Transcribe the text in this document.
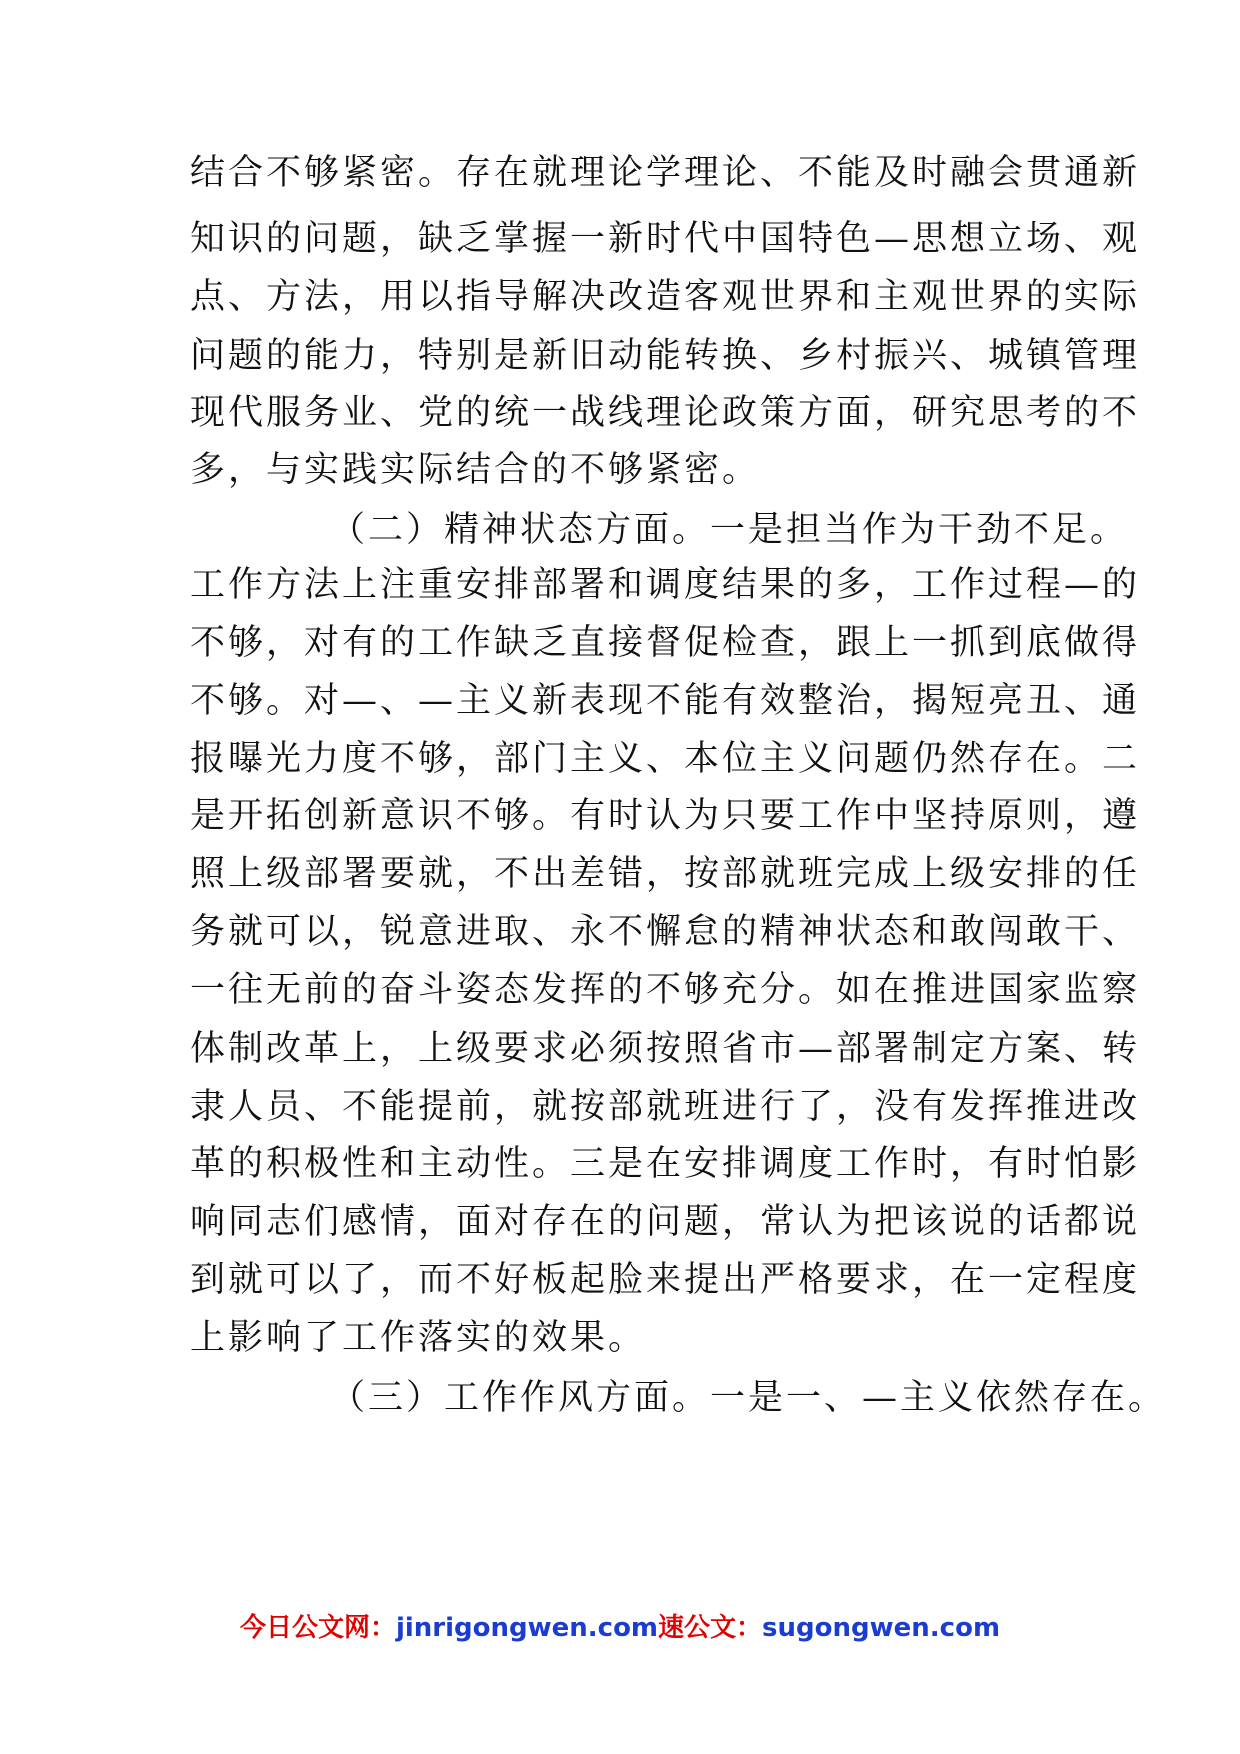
结合不够紧密。存在就理论学理论、不能及时融会贯通新
知识的问题，缺乏掌握一新时代中国特色—思想立场、观
点、方法，用以指导解决改造客观世界和主观世界的实际
问题的能力，特别是新旧动能转换、乡村振兴、城镇管理
现代服务业、党的统一战线理论政策方面，研究思考的不
多，与实践实际结合的不够紧密。
（二）精神状态方面。一是担当作为干劲不足。
工作方法上注重安排部署和调度结果的多，工作过程—的
不够，对有的工作缺乏直接督促检查，跟上一抓到底做得
不够。对—、—主义新表现不能有效整治，揭短亮丑、通
报曝光力度不够，部门主义、本位主义问题仍然存在。二
是开拓创新意识不够。有时认为只要工作中坚持原则，遵
照上级部署要就，不出差错，按部就班完成上级安排的任
务就可以，锐意进取、永不懈怠的精神状态和敢闯敢干、
一往无前的奋斗姿态发挥的不够充分。如在推进国家监察
体制改革上，上级要求必须按照省市—部署制定方案、转
隶人员、不能提前，就按部就班进行了，没有发挥推进改
革的积极性和主动性。三是在安排调度工作时，有时怕影
响同志们感情，面对存在的问题，常认为把该说的话都说
到就可以了，而不好板起脸来提出严格要求，在一定程度
上影响了工作落实的效果。
（三）工作作风方面。一是一、—主义依然存在。
今日公文网：jinrigongwen.com速公文：sugongwen.com
